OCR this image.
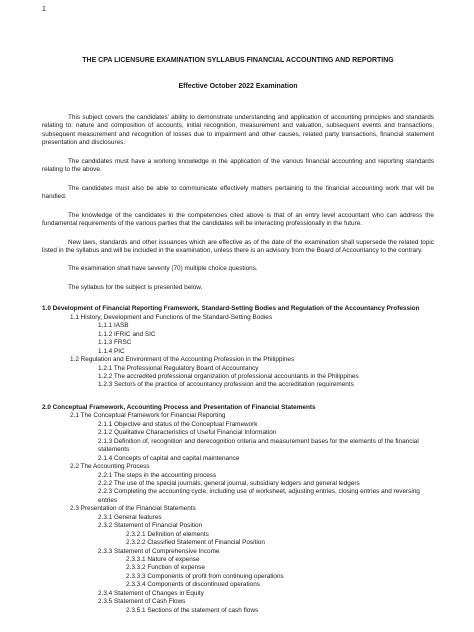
1
THE CPA LICENSURE EXAMINATION SYLLABUS FINANCIAL ACCOUNTING AND REPORTING
Effective October 2022 Examination

This subject covers the candidates’ ability to demonstrate understanding and application of accounting principles and standards relating to: nature and composition of accounts, initial recognition, measurement and valuation, subsequent events and transactions, subsequent measurement and recognition of losses due to impairment and other causes, related party transactions, financial statement presentation and disclosures.

The candidates must have a working knowledge in the application of the various financial accounting and reporting standards relating to the above.

The candidates must also be able to communicate effectively matters pertaining to the financial accounting work that will be handled.

The knowledge of the candidates in the competencies cited above is that of an entry level accountant who can address the fundamental requirements of the various parties that the candidates will be interacting professionally in the future.

New laws, standards and other issuances which are effective as of the date of the examination shall supersede the related topic listed in the syllabus and will be included in the examination, unless there is an advisory from the Board of Accountancy to the contrary.

The examination shall have seventy (70) multiple choice questions.

The syllabus for the subject is presented below.

1.0 Development of Financial Reporting Framework, Standard-Setting Bodies and Regulation of the Accountancy Profession
1.1 History, Development and Functions of the Standard-Setting Bodies
1.1.1 IASB
1.1.2 IFRIC and SIC
1.1.3 FRSC
1.1.4 PIC
1.2 Regulation and Environment of the Accounting Profession in the Philippines
1.2.1 The Professional Regulatory Board of Accountancy
1.2.2 The accredited professional organization of professional accountants in the Philippines
1.2.3 Sectors of the practice of accountancy profession and the accreditation requirements
2.0 Conceptual Framework, Accounting Process and Presentation of Financial Statements
2.1 The Conceptual Framework for Financial Reporting
2.1.1 Objective and status of the Conceptual Framework
2.1.2 Qualitative Characteristics of Useful Financial Information
2.1.3 Definition of, recognition and derecognition criteria and measurement bases for the elements of the financial statements
2.1.4 Concepts of capital and capital maintenance
2.2 The Accounting Process
2.2.1 The steps in the accounting process
2.2.2 The use of the special journals, general journal, subsidiary ledgers and general ledgers
2.2.3 Completing the accounting cycle, including use of worksheet, adjusting entries, closing entries and reversing entries
2.3 Presentation of the Financial Statements
2.3.1 General features
2.3.2 Statement of Financial Position
2.3.2.1 Definition of elements
2.3.2.2 Classified Statement of Financial Position
2.3.3 Statement of Comprehensive Income
2.3.3.1 Nature of expense
2.3.3.2 Function of expense
2.3.3.3 Components of profit from continuing operations
2.3.3.4 Components of discontinued operations
2.3.4 Statement of Changes in Equity
2.3.5 Statement of Cash Flows
2.3.5.1 Sections of the statement of cash flows
